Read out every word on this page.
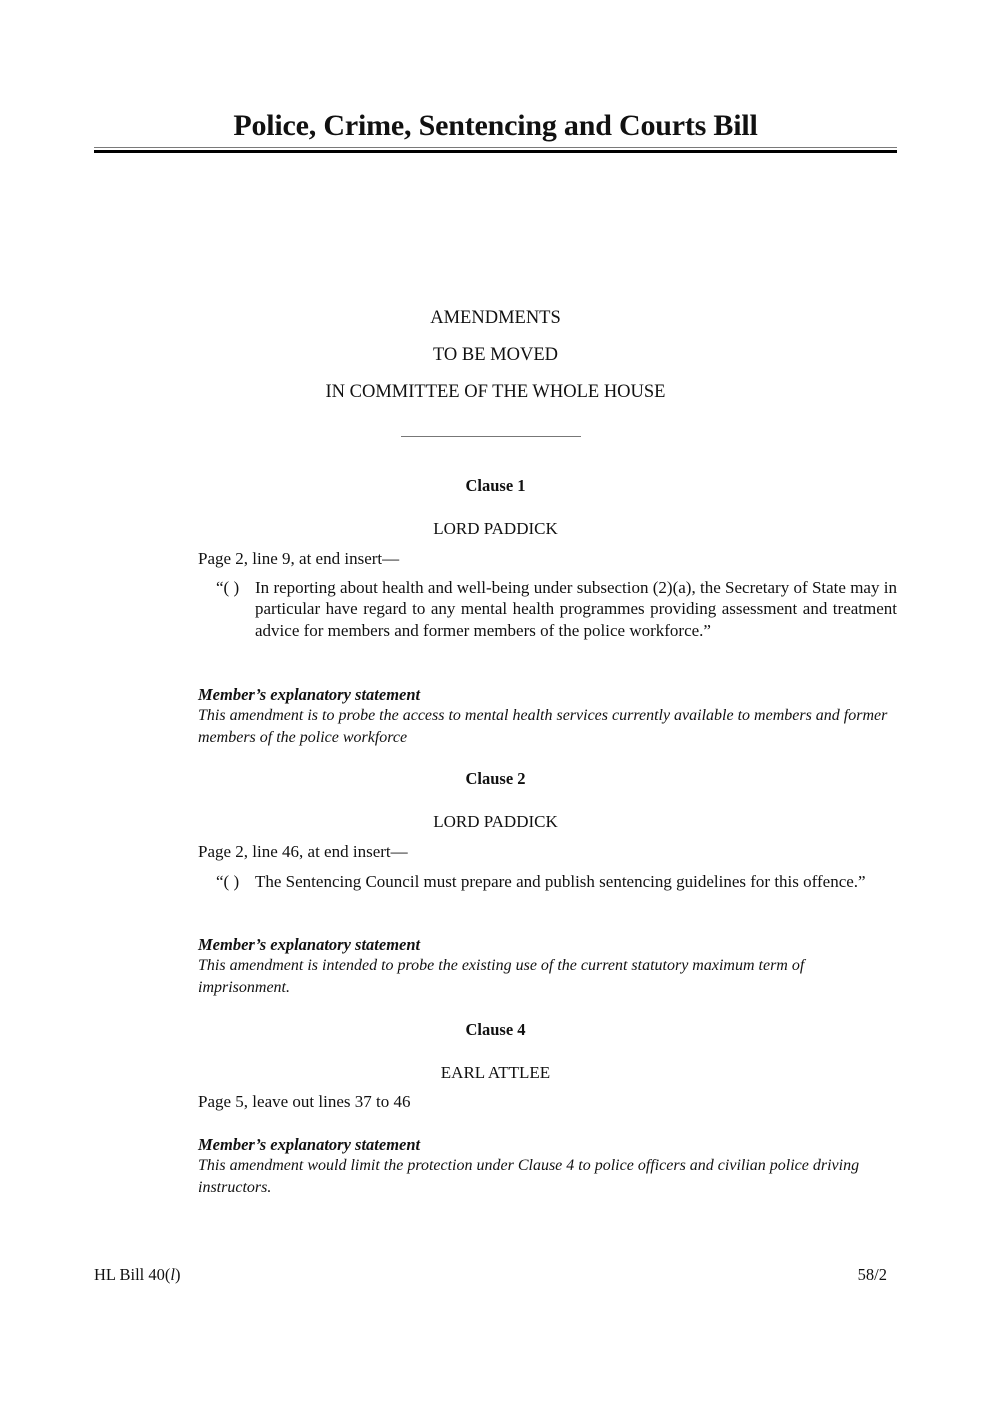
Police, Crime, Sentencing and Courts Bill
AMENDMENTS
TO BE MOVED
IN COMMITTEE OF THE WHOLE HOUSE
Clause 1
LORD PADDICK
Page 2, line 9, at end insert—
“( ) In reporting about health and well-being under subsection (2)(a), the Secretary of State may in particular have regard to any mental health programmes providing assessment and treatment advice for members and former members of the police workforce.”
Member’s explanatory statement
This amendment is to probe the access to mental health services currently available to members and former members of the police workforce
Clause 2
LORD PADDICK
Page 2, line 46, at end insert—
“( ) The Sentencing Council must prepare and publish sentencing guidelines for this offence.”
Member’s explanatory statement
This amendment is intended to probe the existing use of the current statutory maximum term of imprisonment.
Clause 4
EARL ATTLEE
Page 5, leave out lines 37 to 46
Member’s explanatory statement
This amendment would limit the protection under Clause 4 to police officers and civilian police driving instructors.
HL Bill 40(l)	58/2
